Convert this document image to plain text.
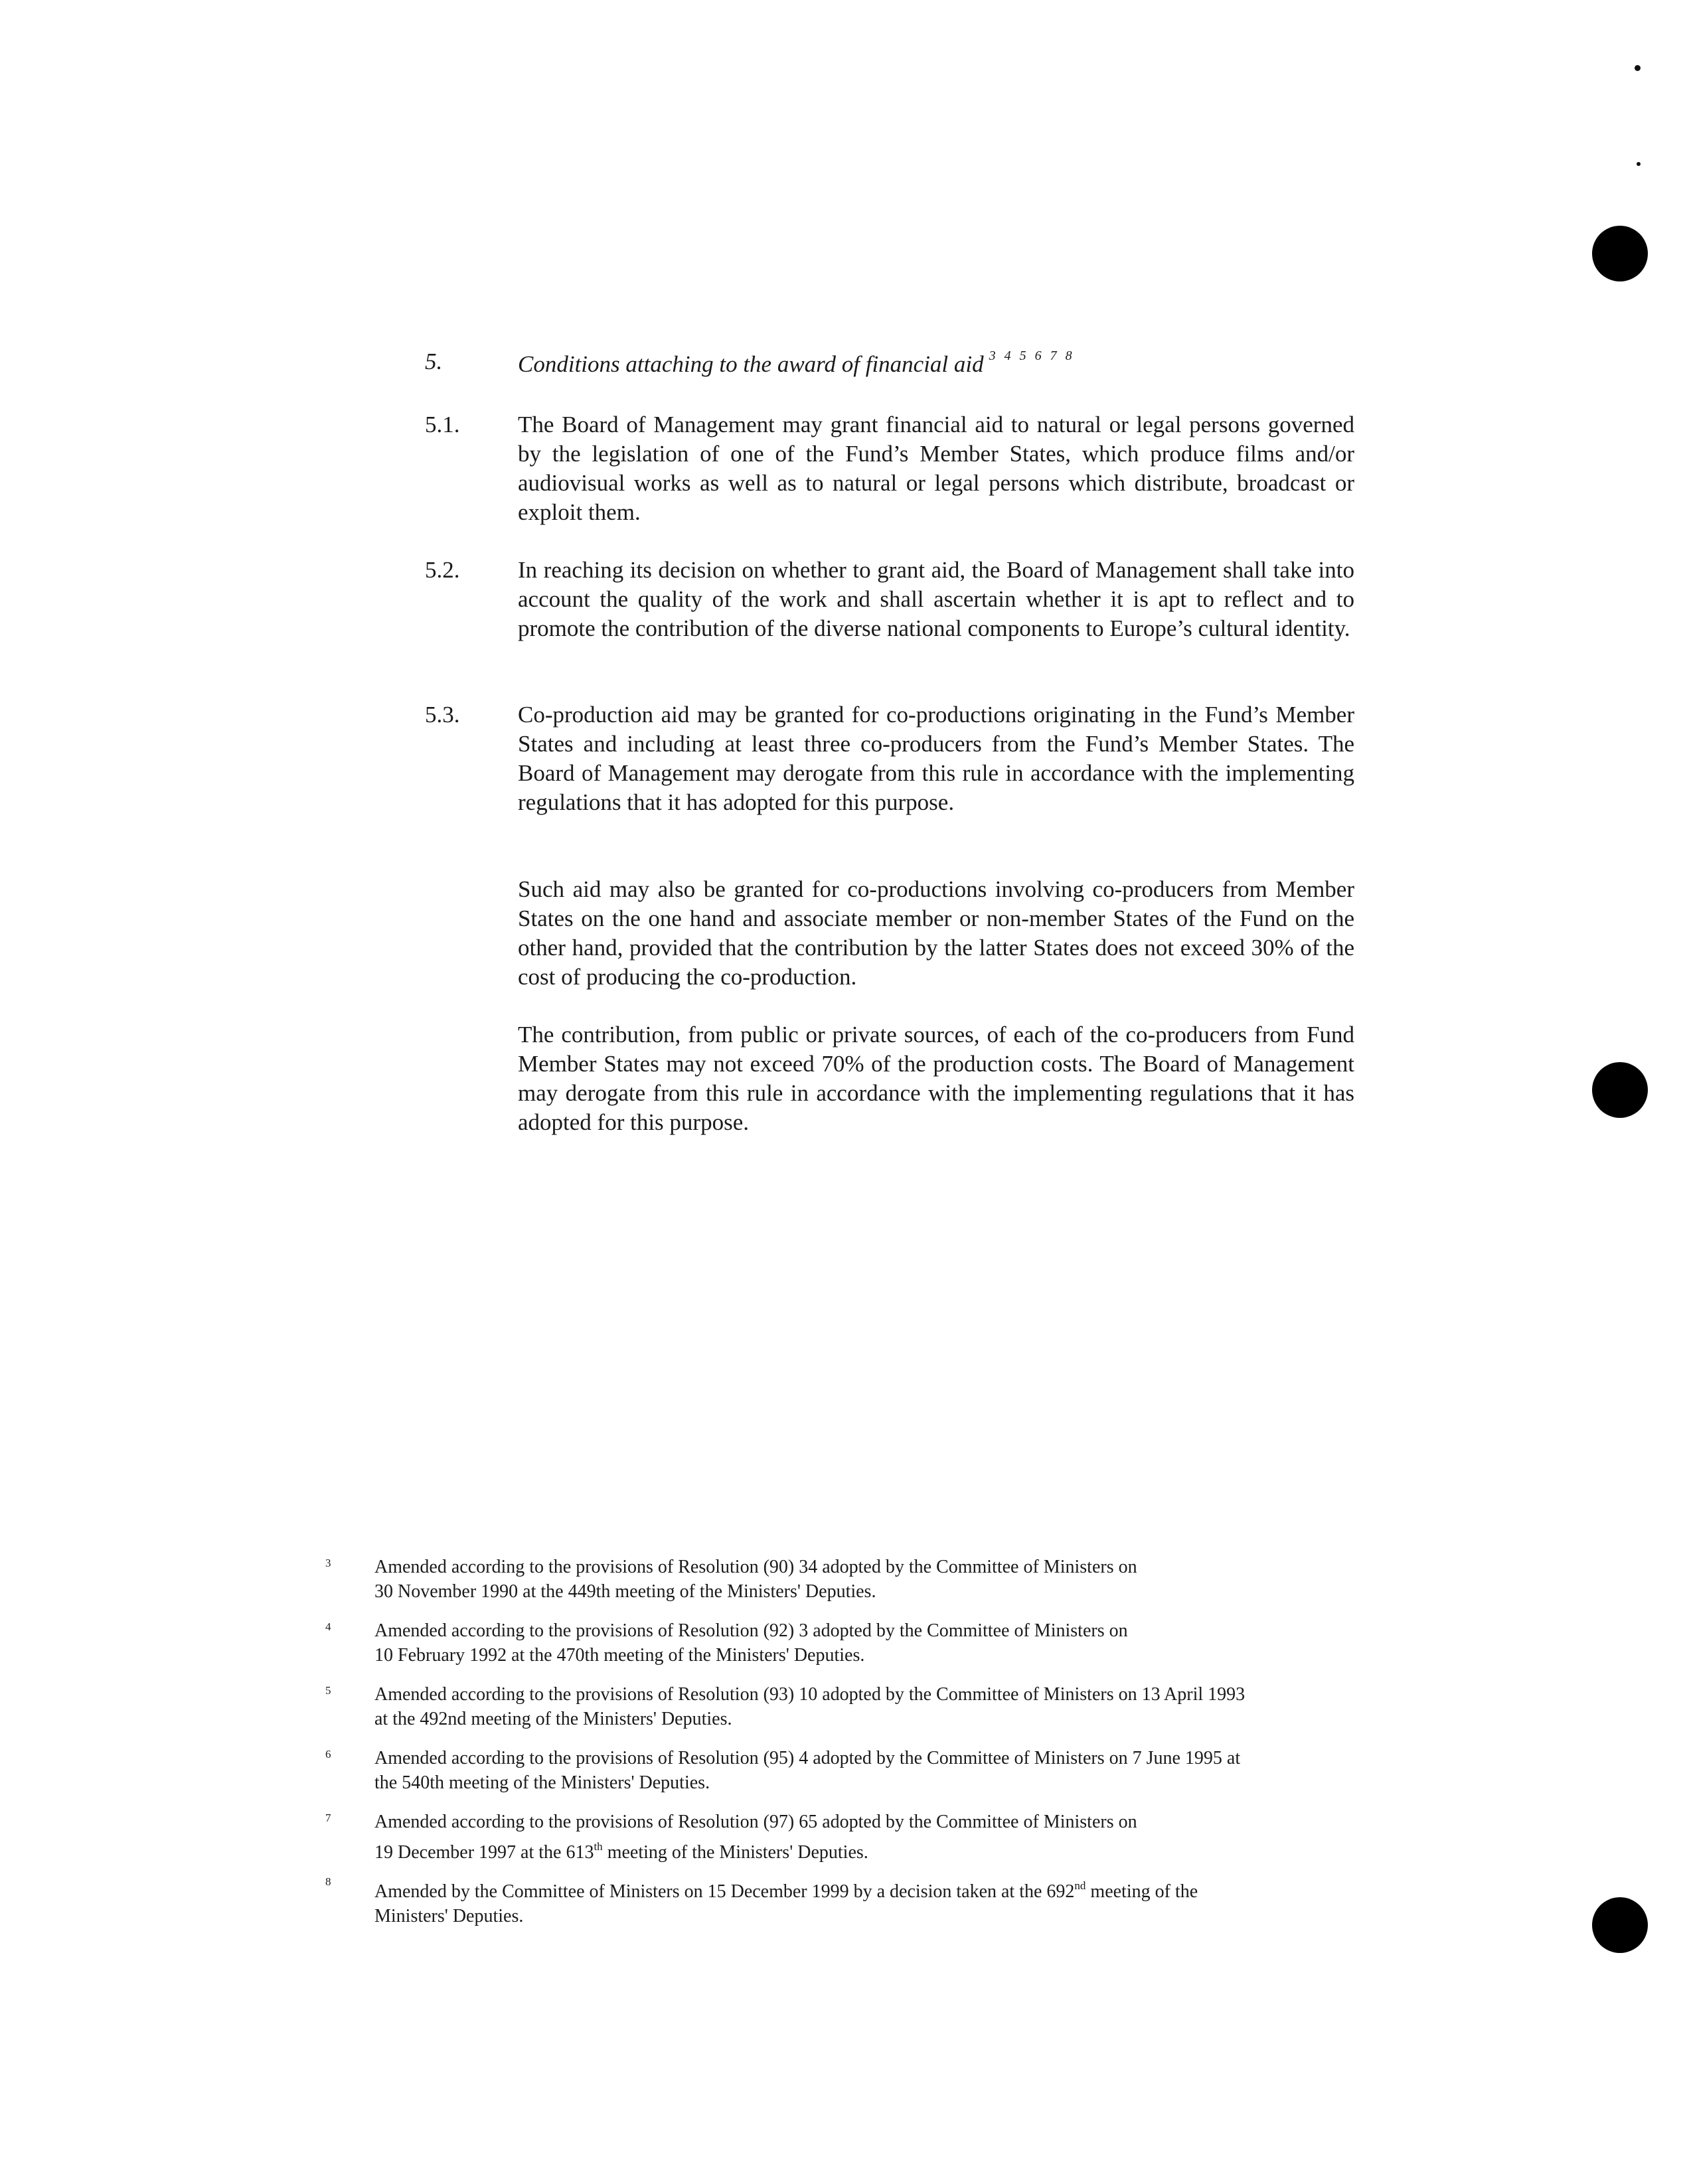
5.	Conditions attaching to the award of financial aid $^{3 4 5 6 7 8}$
5.1.	The Board of Management may grant financial aid to natural or legal persons governed by the legislation of one of the Fund’s Member States, which produce films and/or audiovisual works as well as to natural or legal persons which distribute, broadcast or exploit them.
5.2.	In reaching its decision on whether to grant aid, the Board of Management shall take into account the quality of the work and shall ascertain whether it is apt to reflect and to promote the contribution of the diverse national components to Europe’s cultural identity.
5.3.	Co-production aid may be granted for co-productions originating in the Fund’s Member States and including at least three co-producers from the Fund’s Member States. The Board of Management may derogate from this rule in accordance with the implementing regulations that it has adopted for this purpose.
Such aid may also be granted for co-productions involving co-producers from Member States on the one hand and associate member or non-member States of the Fund on the other hand, provided that the contribution by the latter States does not exceed 30% of the cost of producing the co-production.
The contribution, from public or private sources, of each of the co-producers from Fund Member States may not exceed 70% of the production costs. The Board of Management may derogate from this rule in accordance with the implementing regulations that it has adopted for this purpose.
3 Amended according to the provisions of Resolution (90) 34 adopted by the Committee of Ministers on
30 November 1990 at the 449th meeting of the Ministers' Deputies.
4 Amended according to the provisions of Resolution (92) 3 adopted by the Committee of Ministers on
10 February 1992 at the 470th meeting of the Ministers' Deputies.
5 Amended according to the provisions of Resolution (93) 10 adopted by the Committee of Ministers on 13 April 1993
at the 492nd meeting of the Ministers' Deputies.
6 Amended according to the provisions of Resolution (95) 4 adopted by the Committee of Ministers on 7 June 1995 at
the 540th meeting of the Ministers' Deputies.
7 Amended according to the provisions of Resolution (97) 65 adopted by the Committee of Ministers on
19 December 1997 at the 613th meeting of the Ministers' Deputies.
8 Amended by the Committee of Ministers on 15 December 1999 by a decision taken at the 692nd meeting of the
Ministers' Deputies.
